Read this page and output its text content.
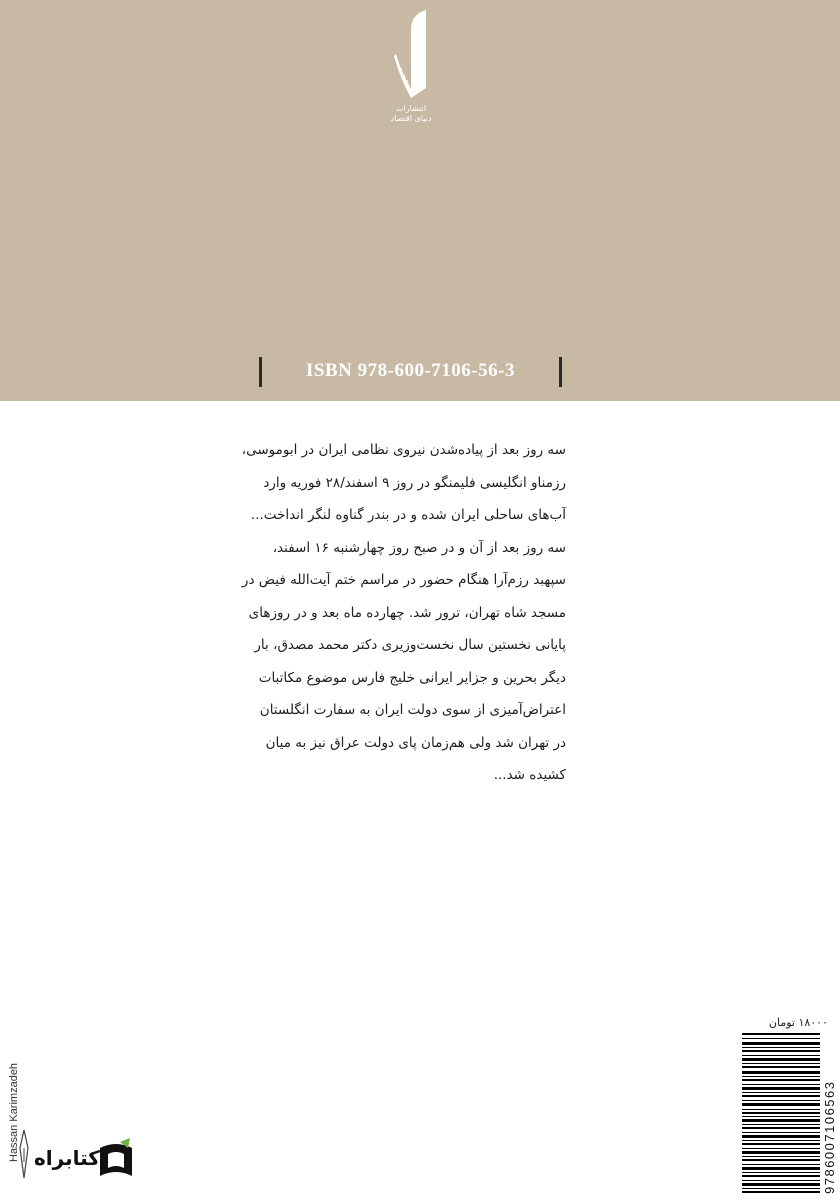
انتشارات
دنیای اقتصاد
ISBN 978-600-7106-56-3
سه روز بعد از پیاده‌شدن نیروی نظامی ایران در ابوموسی،
رزمناو انگلیسی فلیمنگو در روز ۹ اسفند/۲۸ فوریه وارد
آب‌های ساحلی ایران شده و در بندر گناوه لنگر انداخت...
سه روز بعد از آن و در صبح روز چهارشنبه ۱۶ اسفند،
سپهبد رزم‌آرا هنگام حضور در مراسم ختم آیت‌الله فیض در
مسجد شاه تهران، ترور شد. چهارده ماه بعد و در روزهای
پایانی نخستین سال نخست‌وزیری دکتر محمد مصدق، بار
دیگر بحرین و جزایر ایرانی خلیج فارس موضوع مکاتبات
اعتراض‌آمیزی از سوی دولت ایران به سفارت انگلستان
در تهران شد ولی هم‌زمان پای دولت عراق نیز به میان
کشیده شد...
Hassan Karimzadeh کتابراه
۱۸۰۰۰ تومان
9786007106563
